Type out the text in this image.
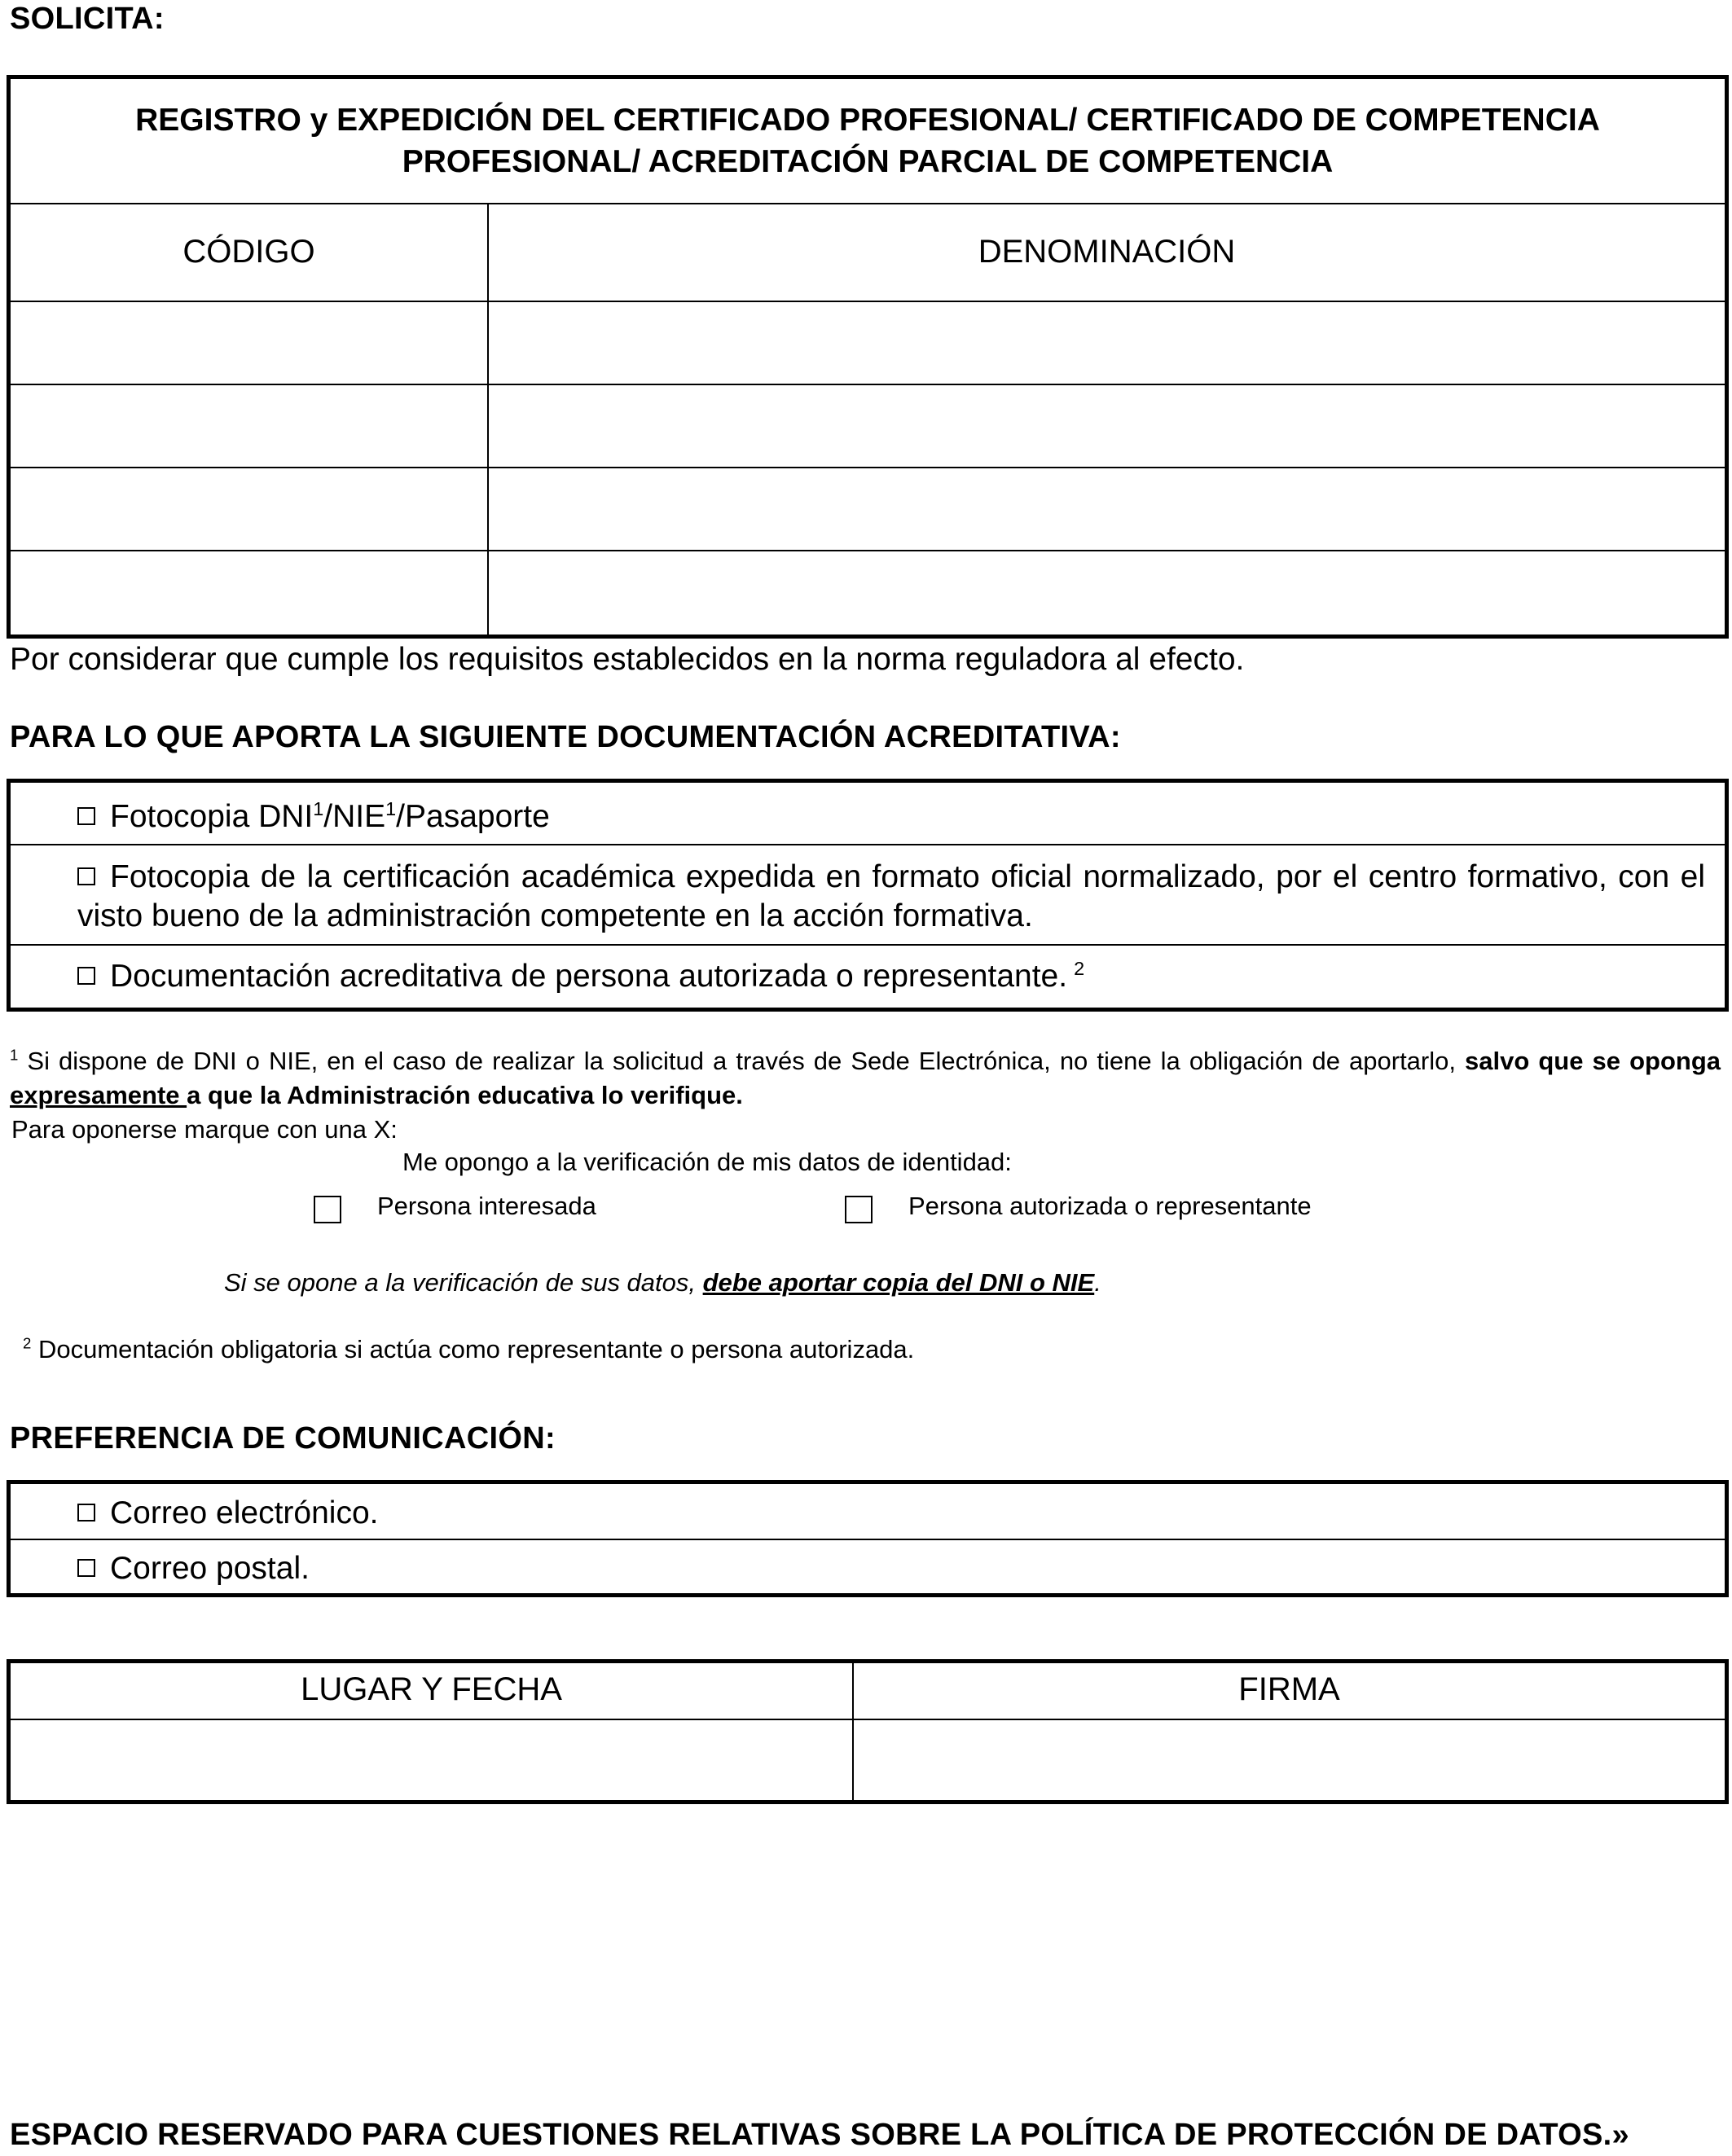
SOLICITA:
REGISTRO y EXPEDICIÓN DEL CERTIFICADO PROFESIONAL/ CERTIFICADO DE COMPETENCIA
PROFESIONAL/ ACREDITACIÓN PARCIAL DE COMPETENCIA
CÓDIGO	DENOMINACIÓN
Por considerar que cumple los requisitos establecidos en la norma reguladora al efecto.
PARA LO QUE APORTA LA SIGUIENTE DOCUMENTACIÓN ACREDITATIVA:
Fotocopia DNI$^1$/NIE$^1$/Pasaporte
Fotocopia de la certificación académica expedida en formato oficial normalizado, por el centro formativo, con el visto bueno de la administración competente en la acción formativa.
Documentación acreditativa de persona autorizada o representante. $^2$
$^1$ Si dispone de DNI o NIE, en el caso de realizar la solicitud a través de Sede Electrónica, no tiene la obligación de aportarlo, salvo que se oponga expresamente a que la Administración educativa lo verifique.
Para oponerse marque con una X:
Me opongo a la verificación de mis datos de identidad:
Persona interesada	Persona autorizada o representante
Si se opone a la verificación de sus datos, debe aportar copia del DNI o NIE.
$^2$ Documentación obligatoria si actúa como representante o persona autorizada.
PREFERENCIA DE COMUNICACIÓN:
Correo electrónico.
Correo postal.
LUGAR Y FECHA	FIRMA
ESPACIO RESERVADO PARA CUESTIONES RELATIVAS SOBRE LA POLÍTICA DE PROTECCIÓN DE DATOS.»
